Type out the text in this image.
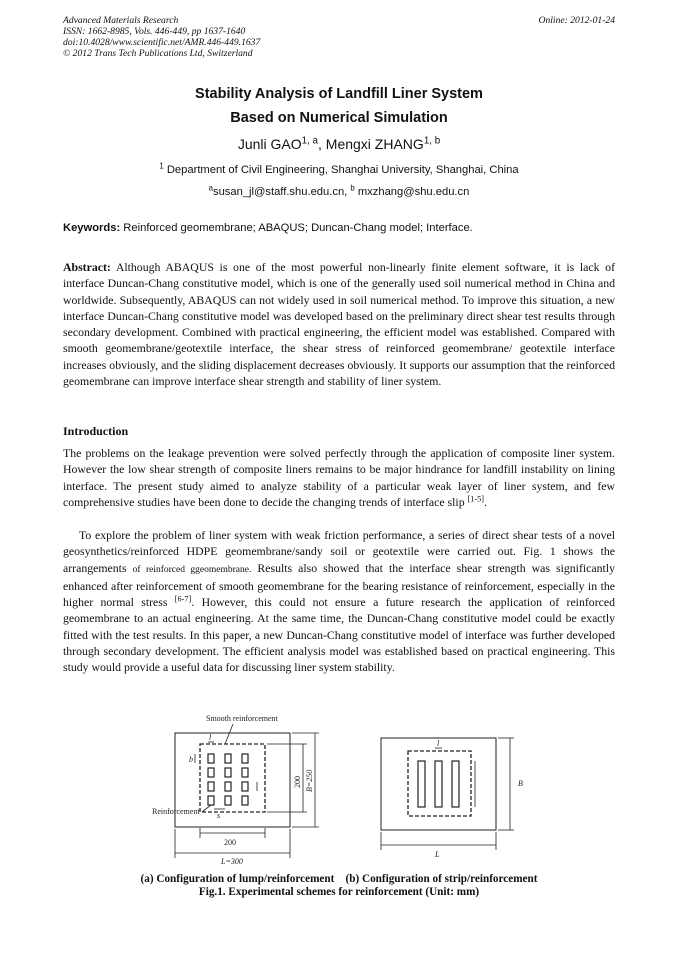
Advanced Materials Research
ISSN: 1662-8985, Vols. 446-449, pp 1637-1640
doi:10.4028/www.scientific.net/AMR.446-449.1637
© 2012 Trans Tech Publications Ltd, Switzerland
Online: 2012-01-24
Stability Analysis of Landfill Liner System
Based on Numerical Simulation
Junli GAO$^{1, a}$, Mengxi ZHANG$^{1, b}$
$^1$ Department of Civil Engineering, Shanghai University, Shanghai, China
$^a$susan_jl@staff.shu.edu.cn, $^b$ mxzhang@shu.edu.cn
Keywords: Reinforced geomembrane; ABAQUS; Duncan-Chang model; Interface.
Abstract: Although ABAQUS is one of the most powerful non-linearly finite element software, it is lack of interface Duncan-Chang constitutive model, which is one of the generally used soil numerical method in China and worldwide. Subsequently, ABAQUS can not widely used in soil numerical method. To improve this situation, a new interface Duncan-Chang constitutive model was developed based on the preliminary direct shear test results through secondary development. Combined with practical engineering, the efficient model was established. Compared with smooth geomembrane/geotextile interface, the shear stress of reinforced geomembrane/ geotextile interface increases obviously, and the sliding displacement decreases obviously. It supports our assumption that the reinforced geomembrane can improve interface shear strength and stability of liner system.
Introduction
The problems on the leakage prevention were solved perfectly through the application of composite liner system. However the low shear strength of composite liners remains to be major hindrance for landfill instability on lining interface. The present study aimed to analyze stability of a particular weak layer of liner system, and few comprehensive studies have been done to decide the changing trends of interface slip [1-5].
To explore the problem of liner system with weak friction performance, a series of direct shear tests of a novel geosynthetics/reinforced HDPE geomembrane/sandy soil or geotextile were carried out. Fig. 1 shows the arrangements of reinforced ggeomembrane. Results also showed that the interface shear strength was significantly enhanced after reinforcement of smooth geomembrane for the bearing resistance of reinforcement, especially in the higher normal stress [6-7]. However, this could not ensure a future research the application of reinforced geomembrane to an actual engineering. At the same time, the Duncan-Chang constitutive model could be exactly fitted with the test results. In this paper, a new Duncan-Chang constitutive model of interface was further developed through secondary development. The efficient analysis model was established based on practical engineering. This study would provide a useful data for discussing liner system stability.
Smooth reinforcement
Reinforcement
200
L=300
200 B=250
l
s
b
l
L
B
(a) Configuration of lump/reinforcement (b) Configuration of strip/reinforcement
Fig.1. Experimental schemes for reinforcement (Unit: mm)
